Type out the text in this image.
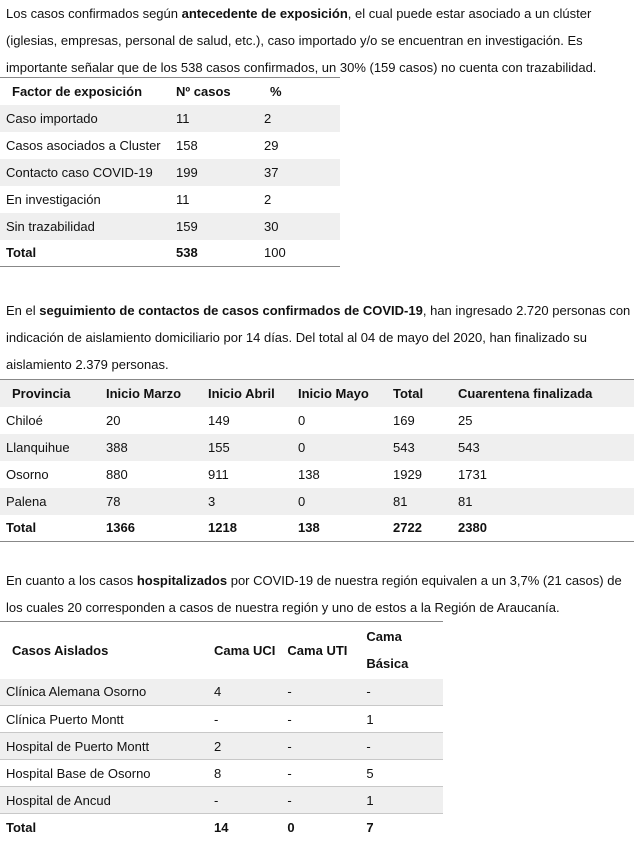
Los casos confirmados según antecedente de exposición, el cual puede estar asociado a un clúster (iglesias, empresas, personal de salud, etc.), caso importado y/o se encuentran en investigación. Es importante señalar que de los 538 casos confirmados, un 30% (159 casos) no cuenta con trazabilidad.

Factor de exposición	Nº casos	%
Caso importado	11	2
Casos asociados a Cluster	158	29
Contacto caso COVID-19	199	37
En investigación	11	2
Sin trazabilidad	159	30
Total	538	100

En el seguimiento de contactos de casos confirmados de COVID-19, han ingresado 2.720 personas con indicación de aislamiento domiciliario por 14 días. Del total al 04 de mayo del 2020, han finalizado su aislamiento 2.379 personas.

Provincia	Inicio Marzo	Inicio Abril	Inicio Mayo	Total	Cuarentena finalizada
Chiloé	20	149	0	169	25
Llanquihue	388	155	0	543	543
Osorno	880	911	138	1929	1731
Palena	78	3	0	81	81
Total	1366	1218	138	2722	2380

En cuanto a los casos hospitalizados por COVID-19 de nuestra región equivalen a un 3,7% (21 casos) de los cuales 20 corresponden a casos de nuestra región y uno de estos a la Región de Araucanía.

Casos Aislados	Cama UCI	Cama UTI	Cama
Básica

Clínica Alemana Osorno	4	-	-
Clínica Puerto Montt	-	-	1
Hospital de Puerto Montt	2	-	-
Hospital Base de Osorno	8	-	5
Hospital de Ancud	-	-	1
Total	14	0	7
